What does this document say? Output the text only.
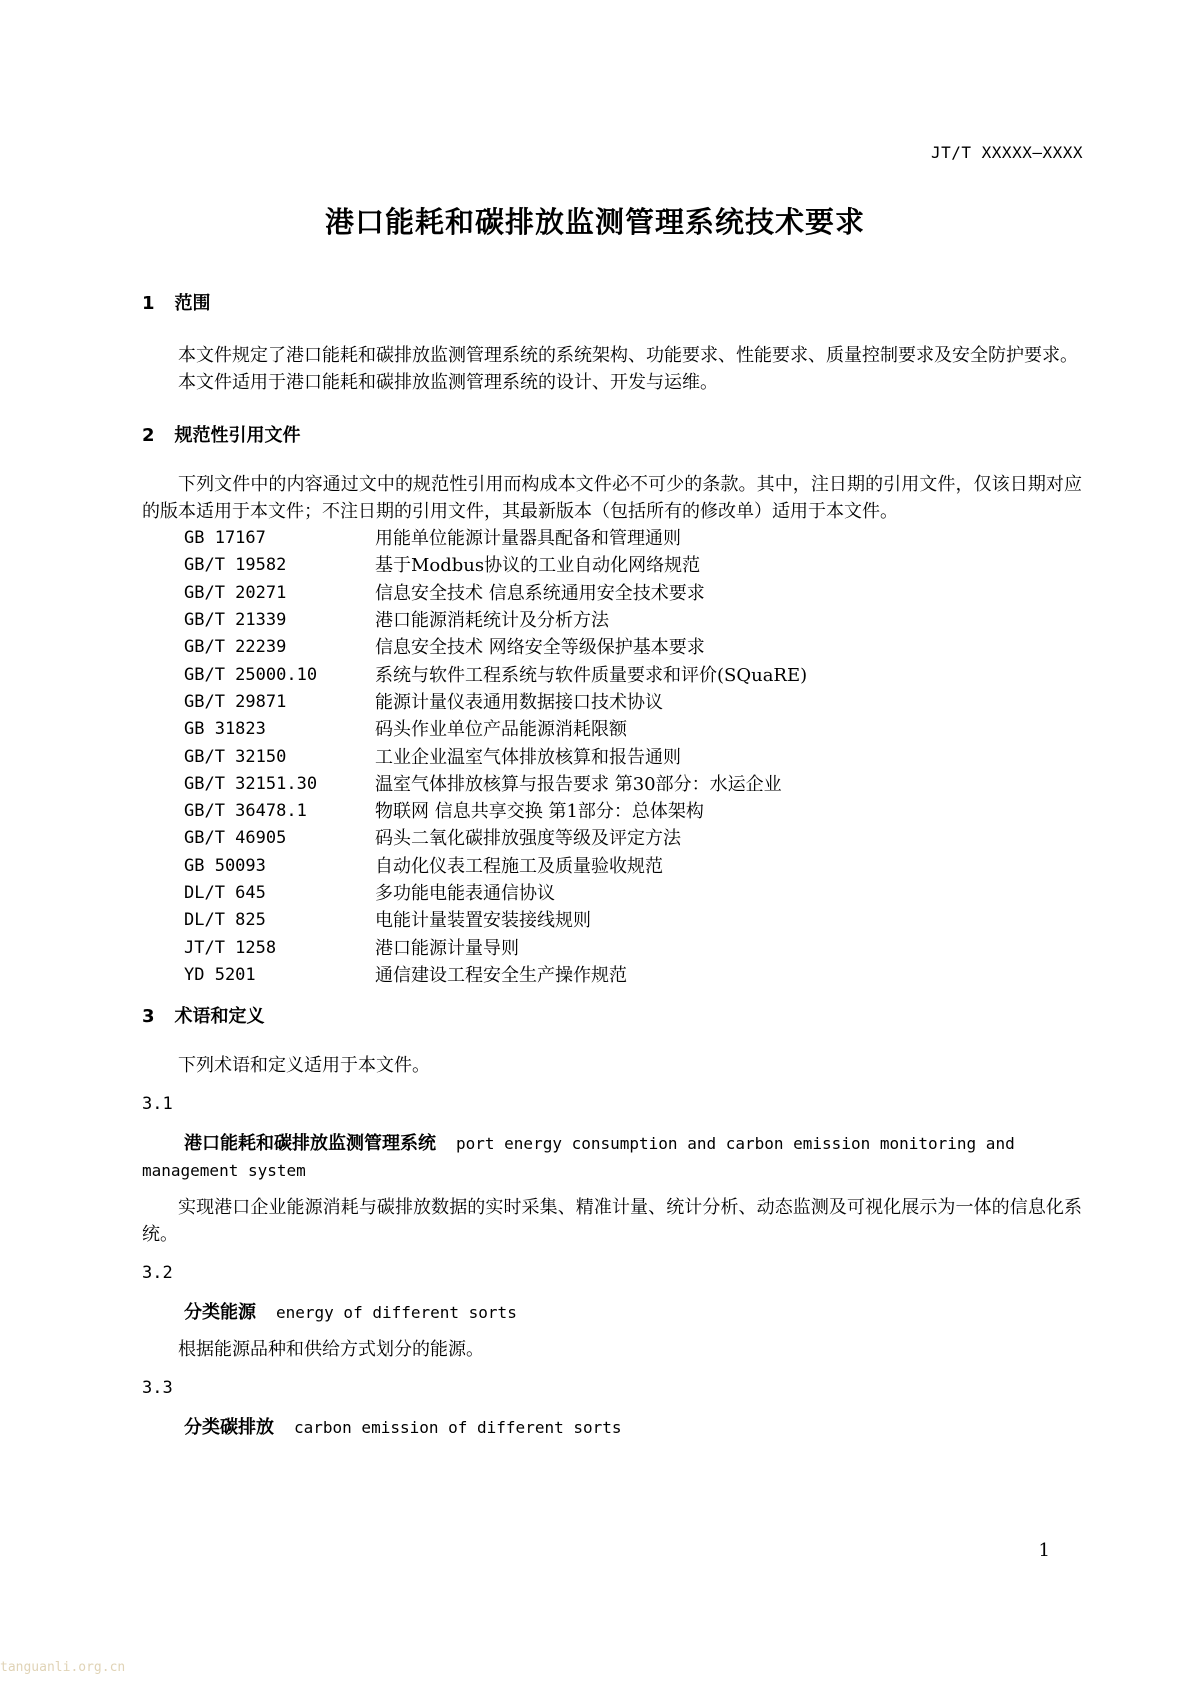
JT/T XXXXX—XXXX
港口能耗和碳排放监测管理系统技术要求
1 范围

本文件规定了港口能耗和碳排放监测管理系统的系统架构、功能要求、性能要求、质量控制要求及安全防护要求。

本文件适用于港口能耗和碳排放监测管理系统的设计、开发与运维。

2 规范性引用文件

下列文件中的内容通过文中的规范性引用而构成本文件必不可少的条款。其中，注日期的引用文件，仅该日期对应的版本适用于本文件；不注日期的引用文件，其最新版本（包括所有的修改单）适用于本文件。

GB 17167	用能单位能源计量器具配备和管理通则
GB/T 19582	基于Modbus协议的工业自动化网络规范
GB/T 20271	信息安全技术 信息系统通用安全技术要求
GB/T 21339	港口能源消耗统计及分析方法
GB/T 22239	信息安全技术 网络安全等级保护基本要求
GB/T 25000.10	系统与软件工程系统与软件质量要求和评价(SQuaRE)
GB/T 29871	能源计量仪表通用数据接口技术协议
GB 31823	码头作业单位产品能源消耗限额
GB/T 32150	工业企业温室气体排放核算和报告通则
GB/T 32151.30	温室气体排放核算与报告要求 第30部分：水运企业
GB/T 36478.1	物联网 信息共享交换 第1部分：总体架构
GB/T 46905	码头二氧化碳排放强度等级及评定方法
GB 50093	自动化仪表工程施工及质量验收规范
DL/T 645	多功能电能表通信协议
DL/T 825	电能计量装置安装接线规则
JT/T 1258	港口能源计量导则
YD 5201	通信建设工程安全生产操作规范
3 术语和定义

下列术语和定义适用于本文件。

3.1

港口能耗和碳排放监测管理系统 port energy consumption and carbon emission monitoring and

management system

实现港口企业能源消耗与碳排放数据的实时采集、精准计量、统计分析、动态监测及可视化展示为一体的信息化系统。

3.2

分类能源 energy of different sorts

根据能源品种和供给方式划分的能源。

3.3

分类碳排放 carbon emission of different sorts

1
tanguanli.org.cn
